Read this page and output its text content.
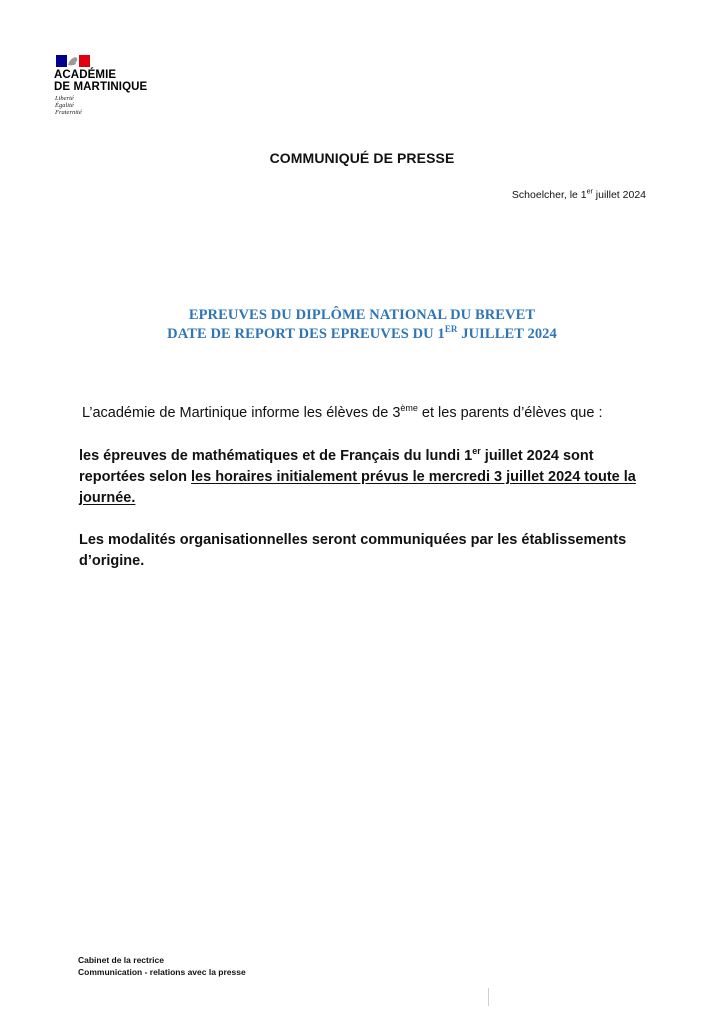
ACADÉMIE
DE MARTINIQUE
Liberté
Égalité
Fraternité
COMMUNIQUÉ DE PRESSE
Schoelcher, le 1er juillet 2024
EPREUVES DU DIPLÔME NATIONAL DU BREVET
DATE DE REPORT DES EPREUVES DU 1ER JUILLET 2024
L’académie de Martinique informe les élèves de 3ème et les parents d’élèves que :
les épreuves de mathématiques et de Français du lundi 1er juillet 2024 sont reportées selon les horaires initialement prévus le mercredi 3 juillet 2024 toute la journée.
Les modalités organisationnelles seront communiquées par les établissements d’origine.
Cabinet de la rectrice
Communication - relations avec la presse
